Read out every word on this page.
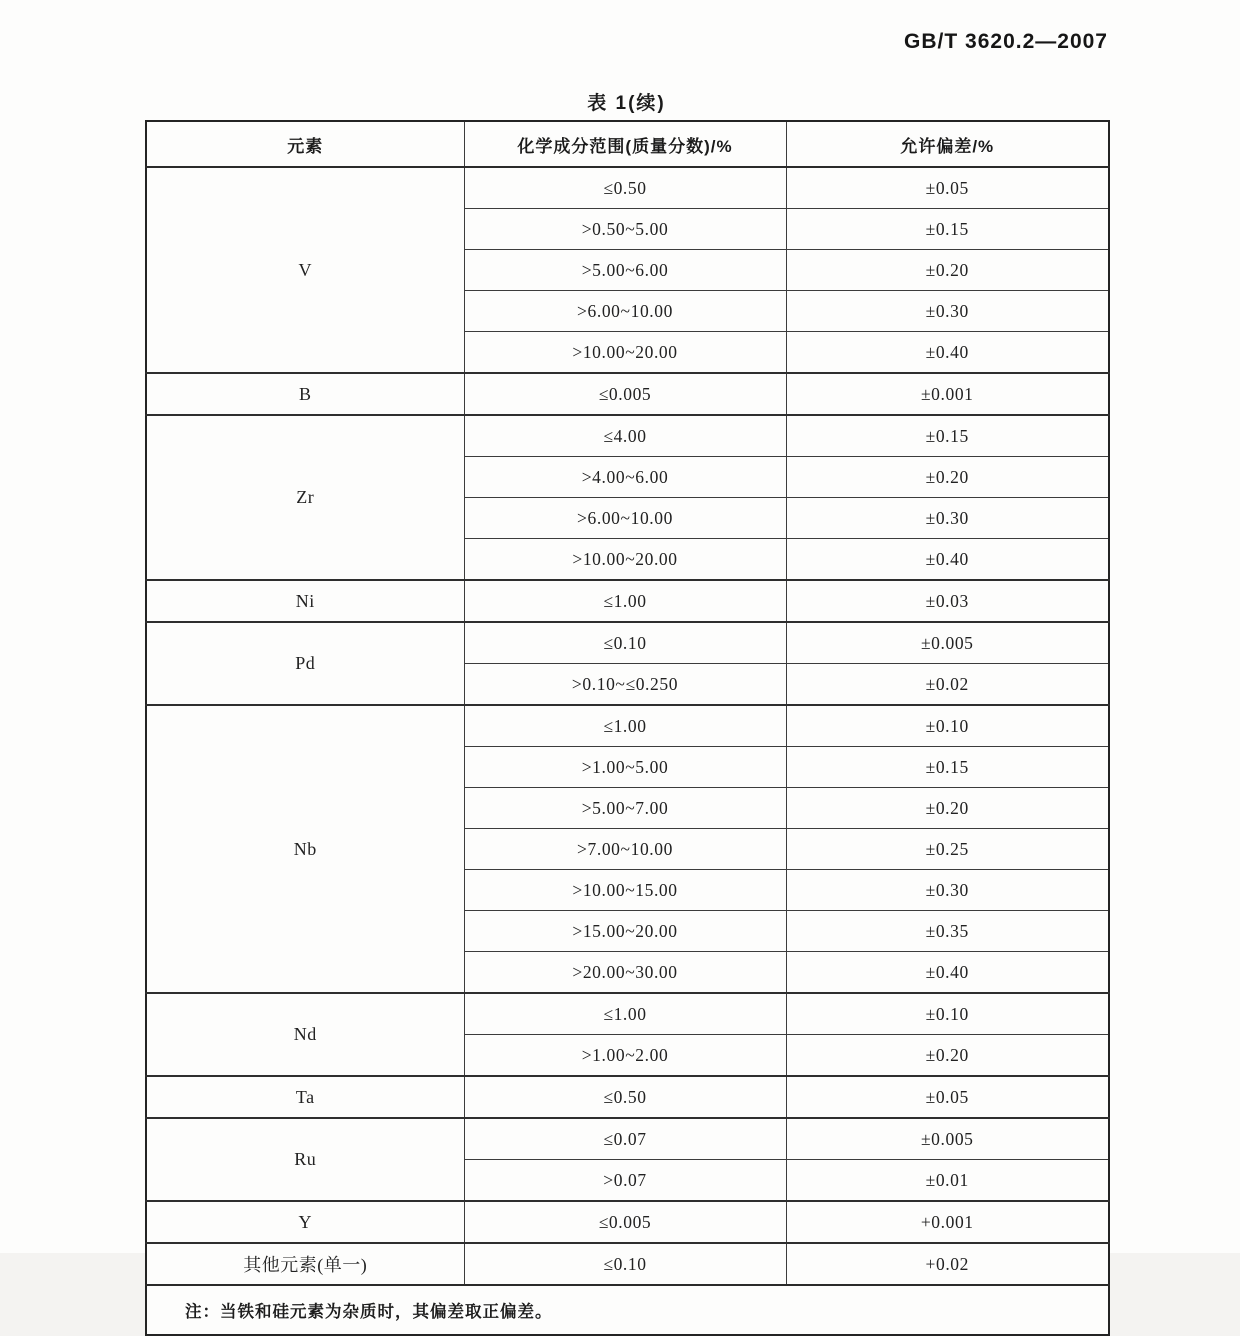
GB/T 3620.2—2007
表 1(续)
元素	化学成分范围(质量分数)/%	允许偏差/%
V	≤0.50	±0.05
	>0.50~5.00	±0.15
	>5.00~6.00	±0.20
	>6.00~10.00	±0.30
	>10.00~20.00	±0.40
B	≤0.005	±0.001
Zr	≤4.00	±0.15
	>4.00~6.00	±0.20
	>6.00~10.00	±0.30
	>10.00~20.00	±0.40
Ni	≤1.00	±0.03
Pd	≤0.10	±0.005
	>0.10~≤0.250	±0.02
Nb	≤1.00	±0.10
	>1.00~5.00	±0.15
	>5.00~7.00	±0.20
	>7.00~10.00	±0.25
	>10.00~15.00	±0.30
	>15.00~20.00	±0.35
	>20.00~30.00	±0.40
Nd	≤1.00	±0.10
	>1.00~2.00	±0.20
Ta	≤0.50	±0.05
Ru	≤0.07	±0.005
	>0.07	±0.01
Y	≤0.005	+0.001
其他元素(单一)	≤0.10	+0.02
注：当铁和硅元素为杂质时，其偏差取正偏差。		
